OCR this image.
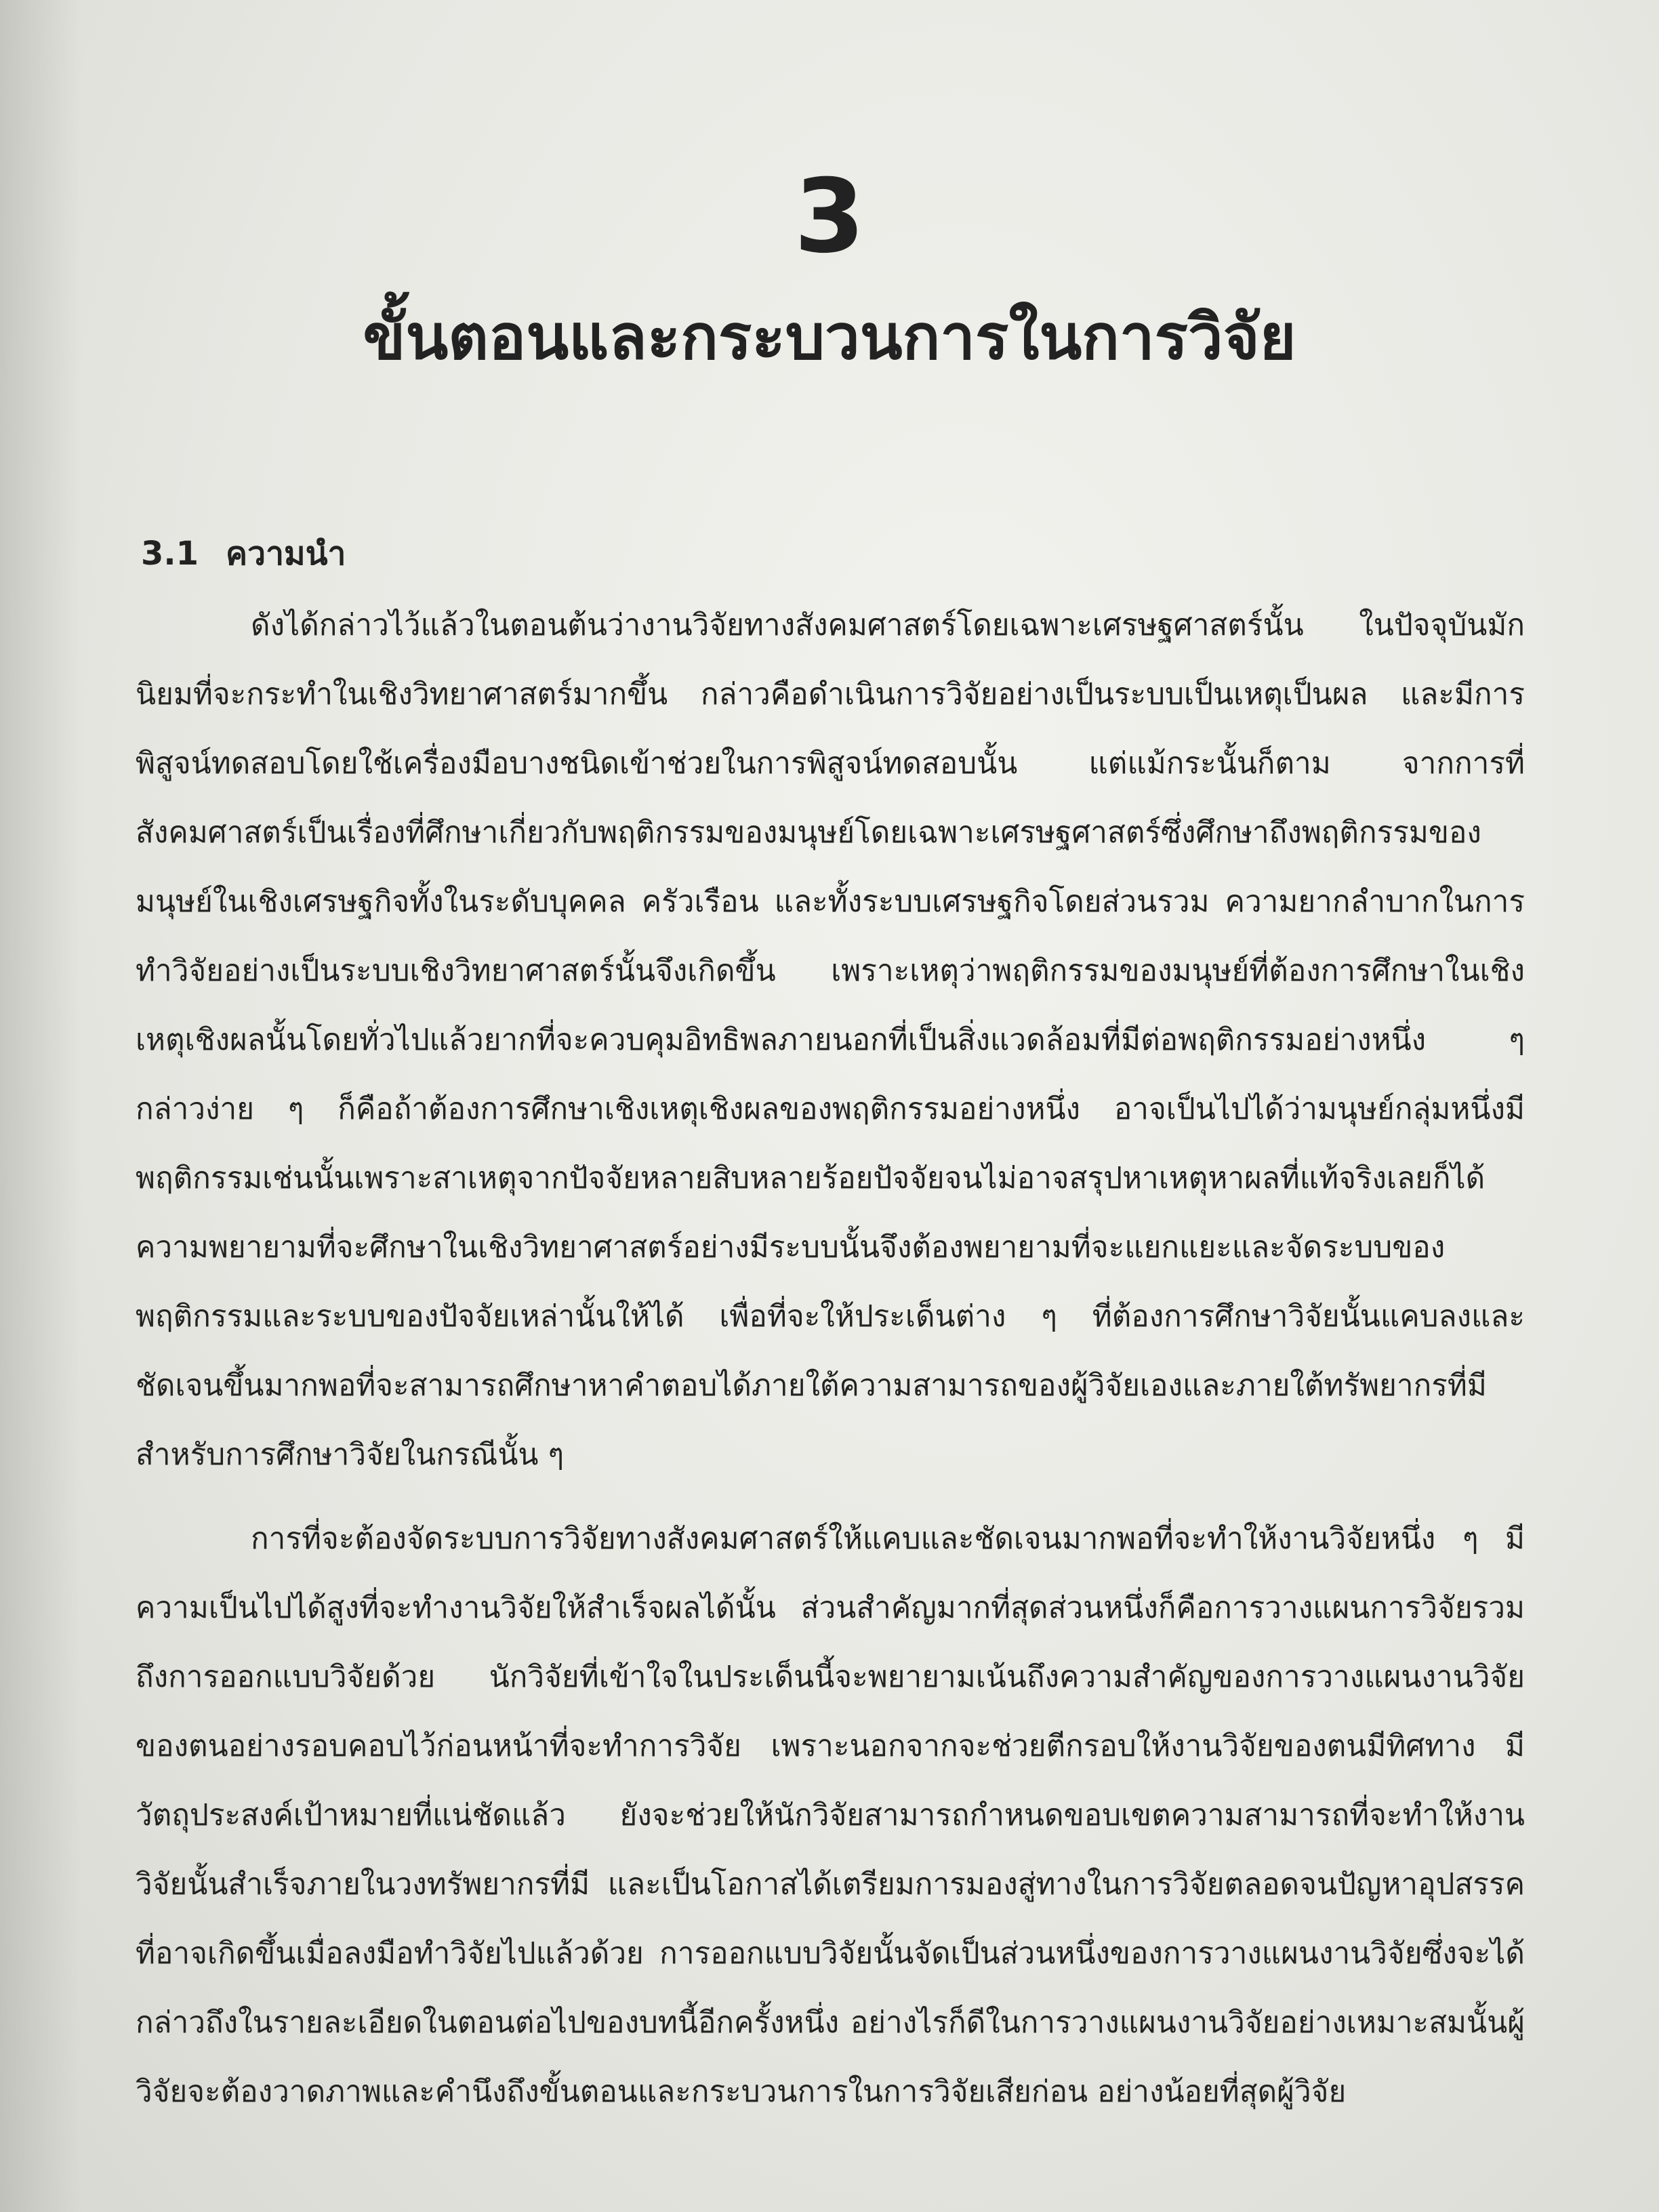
3
ขั้นตอนและกระบวนการในการวิจัย
3.1 ความนำ

ดังได้กล่าวไว้แล้วในตอนต้นว่างานวิจัยทางสังคมศาสตร์โดยเฉพาะเศรษฐศาสตร์นั้น ในปัจจุบันมักนิยมที่จะกระทำในเชิงวิทยาศาสตร์มากขึ้น กล่าวคือดำเนินการวิจัยอย่างเป็นระบบเป็นเหตุเป็นผล และมีการพิสูจน์ทดสอบโดยใช้เครื่องมือบางชนิดเข้าช่วยในการพิสูจน์ทดสอบนั้น แต่แม้กระนั้นก็ตาม จากการที่สังคมศาสตร์เป็นเรื่องที่ศึกษาเกี่ยวกับพฤติกรรมของมนุษย์โดยเฉพาะเศรษฐศาสตร์ซึ่งศึกษาถึงพฤติกรรมของมนุษย์ในเชิงเศรษฐกิจทั้งในระดับบุคคล ครัวเรือน และทั้งระบบเศรษฐกิจโดยส่วนรวม ความยากลำบากในการทำวิจัยอย่างเป็นระบบเชิงวิทยาศาสตร์นั้นจึงเกิดขึ้น เพราะเหตุว่าพฤติกรรมของมนุษย์ที่ต้องการศึกษาในเชิงเหตุเชิงผลนั้นโดยทั่วไปแล้วยากที่จะควบคุมอิทธิพลภายนอกที่เป็นสิ่งแวดล้อมที่มีต่อพฤติกรรมอย่างหนึ่ง ๆ กล่าวง่าย ๆ ก็คือถ้าต้องการศึกษาเชิงเหตุเชิงผลของพฤติกรรมอย่างหนึ่ง อาจเป็นไปได้ว่ามนุษย์กลุ่มหนึ่งมีพฤติกรรมเช่นนั้นเพราะสาเหตุจากปัจจัยหลายสิบหลายร้อยปัจจัยจนไม่อาจสรุปหาเหตุหาผลที่แท้จริงเลยก็ได้ ความพยายามที่จะศึกษาในเชิงวิทยาศาสตร์อย่างมีระบบนั้นจึงต้องพยายามที่จะแยกแยะและจัดระบบของพฤติกรรมและระบบของปัจจัยเหล่านั้นให้ได้ เพื่อที่จะให้ประเด็นต่าง ๆ ที่ต้องการศึกษาวิจัยนั้นแคบลงและชัดเจนขึ้นมากพอที่จะสามารถศึกษาหาคำตอบได้ภายใต้ความสามารถของผู้วิจัยเองและภายใต้ทรัพยากรที่มีสำหรับการศึกษาวิจัยในกรณีนั้น ๆ

การที่จะต้องจัดระบบการวิจัยทางสังคมศาสตร์ให้แคบและชัดเจนมากพอที่จะทำให้งานวิจัยหนึ่ง ๆ มีความเป็นไปได้สูงที่จะทำงานวิจัยให้สำเร็จผลได้นั้น ส่วนสำคัญมากที่สุดส่วนหนึ่งก็คือการวางแผนการวิจัยรวมถึงการออกแบบวิจัยด้วย นักวิจัยที่เข้าใจในประเด็นนี้จะพยายามเน้นถึงความสำคัญของการวางแผนงานวิจัยของตนอย่างรอบคอบไว้ก่อนหน้าที่จะทำการวิจัย เพราะนอกจากจะช่วยตีกรอบให้งานวิจัยของตนมีทิศทาง มีวัตถุประสงค์เป้าหมายที่แน่ชัดแล้ว ยังจะช่วยให้นักวิจัยสามารถกำหนดขอบเขตความสามารถที่จะทำให้งานวิจัยนั้นสำเร็จภายในวงทรัพยากรที่มี และเป็นโอกาสได้เตรียมการมองสู่ทางในการวิจัยตลอดจนปัญหาอุปสรรคที่อาจเกิดขึ้นเมื่อลงมือทำวิจัยไปแล้วด้วย การออกแบบวิจัยนั้นจัดเป็นส่วนหนึ่งของการวางแผนงานวิจัยซึ่งจะได้กล่าวถึงในรายละเอียดในตอนต่อไปของบทนี้อีกครั้งหนึ่ง อย่างไรก็ดีในการวางแผนงานวิจัยอย่างเหมาะสมนั้นผู้วิจัยจะต้องวาดภาพและคำนึงถึงขั้นตอนและกระบวนการในการวิจัยเสียก่อน อย่างน้อยที่สุดผู้วิจัย
